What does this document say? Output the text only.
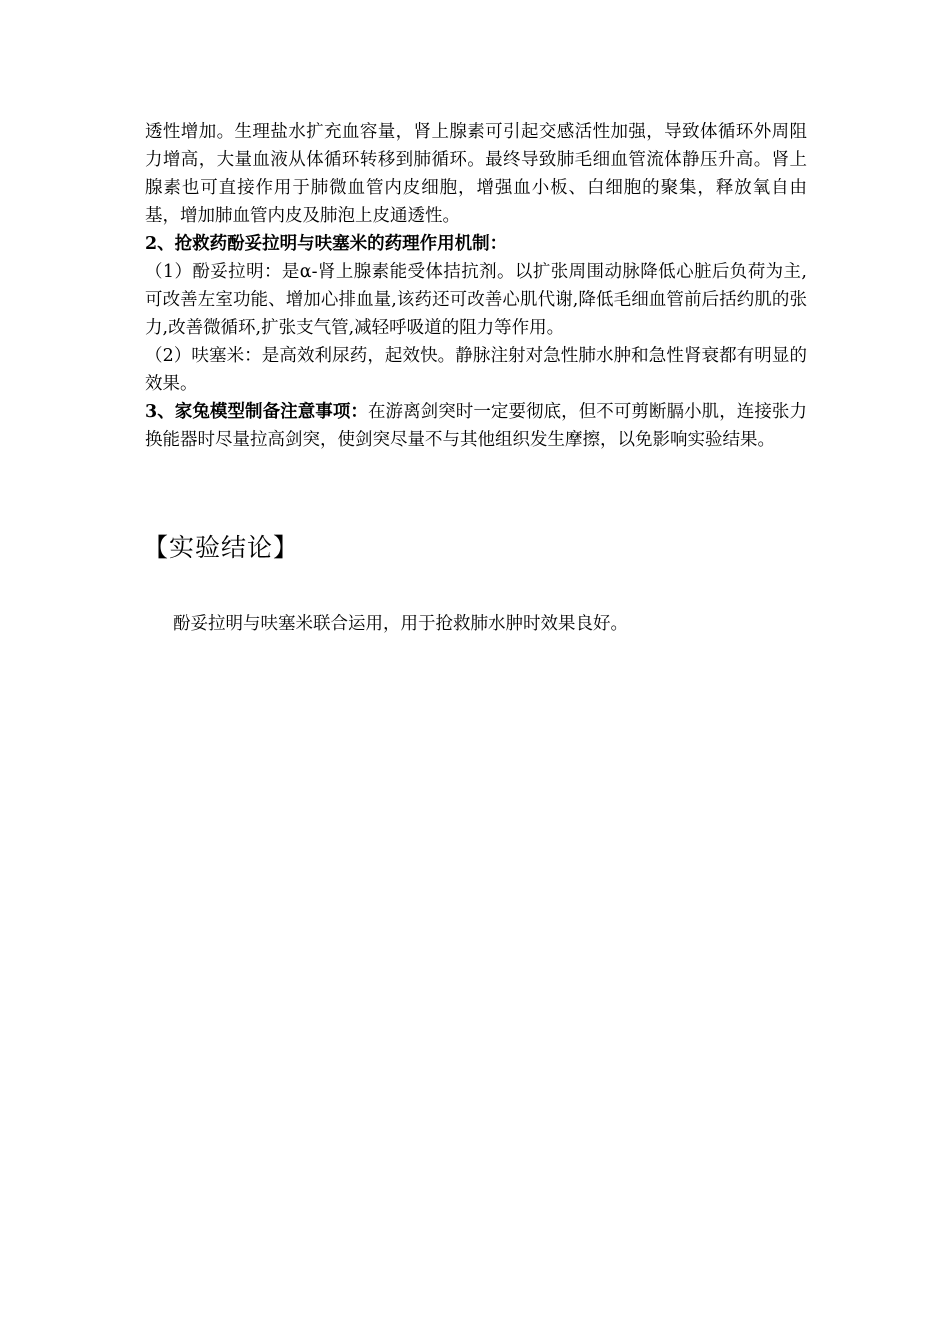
透性增加。生理盐水扩充血容量，肾上腺素可引起交感活性加强，导致体循环外周阻力增高，大量血液从体循环转移到肺循环。最终导致肺毛细血管流体静压升高。肾上腺素也可直接作用于肺微血管内皮细胞，增强血小板、白细胞的聚集，释放氧自由基，增加肺血管内皮及肺泡上皮通透性。

2、抢救药酚妥拉明与呋塞米的药理作用机制：

（1）酚妥拉明：是α-肾上腺素能受体拮抗剂。以扩张周围动脉降低心脏后负荷为主,可改善左室功能、增加心排血量,该药还可改善心肌代谢,降低毛细血管前后括约肌的张力,改善微循环,扩张支气管,减轻呼吸道的阻力等作用。

（2）呋塞米：是高效利尿药，起效快。静脉注射对急性肺水肿和急性肾衰都有明显的效果。

3、家兔模型制备注意事项：在游离剑突时一定要彻底，但不可剪断膈小肌，连接张力换能器时尽量拉高剑突，使剑突尽量不与其他组织发生摩擦，以免影响实验结果。

【实验结论】

酚妥拉明与呋塞米联合运用，用于抢救肺水肿时效果良好。
